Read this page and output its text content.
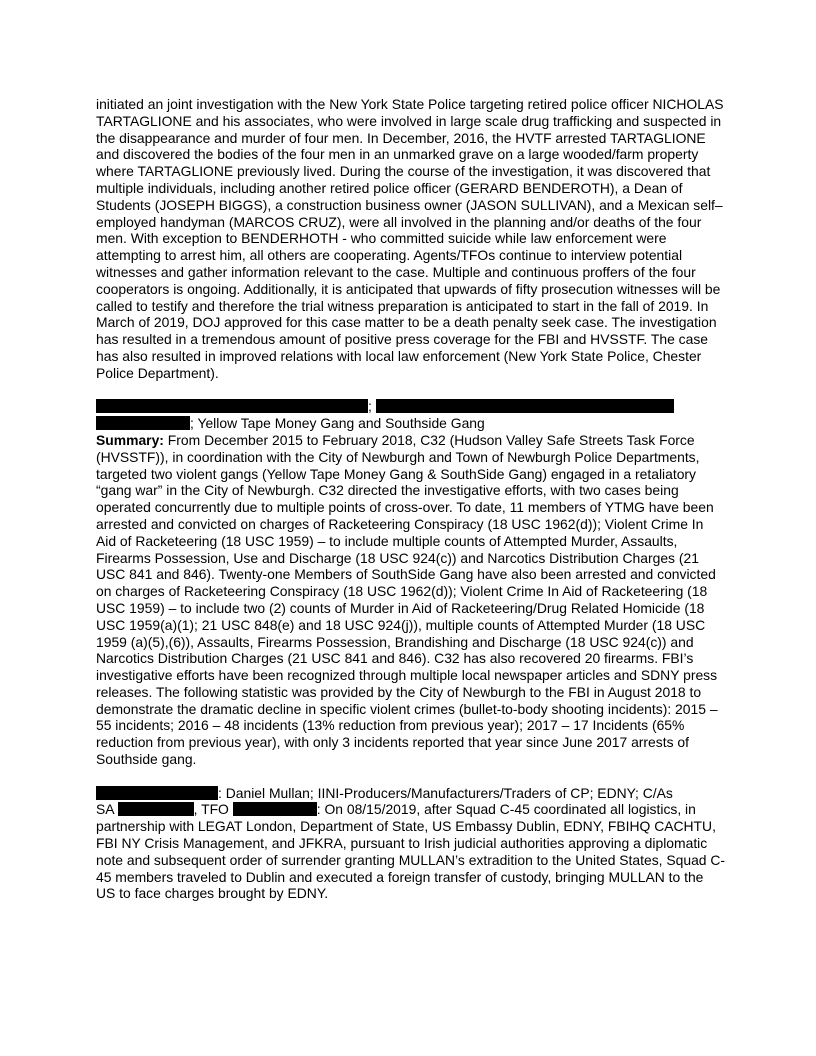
initiated an joint investigation with the New York State Police targeting retired police officer NICHOLAS TARTAGLIONE and his associates, who were involved in large scale drug trafficking and suspected in the disappearance and murder of four men. In December, 2016, the HVTF arrested TARTAGLIONE and discovered the bodies of the four men in an unmarked grave on a large wooded/farm property where TARTAGLIONE previously lived. During the course of the investigation, it was discovered that multiple individuals, including another retired police officer (GERARD BENDEROTH), a Dean of Students (JOSEPH BIGGS), a construction business owner (JASON SULLIVAN), and a Mexican self–employed handyman (MARCOS CRUZ), were all involved in the planning and/or deaths of the four men. With exception to BENDERHOTH - who committed suicide while law enforcement were attempting to arrest him, all others are cooperating. Agents/TFOs continue to interview potential witnesses and gather information relevant to the case. Multiple and continuous proffers of the four cooperators is ongoing. Additionally, it is anticipated that upwards of fifty prosecution witnesses will be called to testify and therefore the trial witness preparation is anticipated to start in the fall of 2019. In March of 2019, DOJ approved for this case matter to be a death penalty seek case. The investigation has resulted in a tremendous amount of positive press coverage for the FBI and HVSSTF. The case has also resulted in improved relations with local law enforcement (New York State Police, Chester Police Department).

;
; Yellow Tape Money Gang and Southside Gang

Summary: From December 2015 to February 2018, C32 (Hudson Valley Safe Streets Task Force (HVSSTF)), in coordination with the City of Newburgh and Town of Newburgh Police Departments, targeted two violent gangs (Yellow Tape Money Gang & SouthSide Gang) engaged in a retaliatory “gang war” in the City of Newburgh. C32 directed the investigative efforts, with two cases being operated concurrently due to multiple points of cross-over. To date, 11 members of YTMG have been arrested and convicted on charges of Racketeering Conspiracy (18 USC 1962(d)); Violent Crime In Aid of Racketeering (18 USC 1959) – to include multiple counts of Attempted Murder, Assaults, Firearms Possession, Use and Discharge (18 USC 924(c)) and Narcotics Distribution Charges (21 USC 841 and 846). Twenty-one Members of SouthSide Gang have also been arrested and convicted on charges of Racketeering Conspiracy (18 USC 1962(d)); Violent Crime In Aid of Racketeering (18 USC 1959) – to include two (2) counts of Murder in Aid of Racketeering/Drug Related Homicide (18 USC 1959(a)(1); 21 USC 848(e) and 18 USC 924(j)), multiple counts of Attempted Murder (18 USC 1959 (a)(5),(6)), Assaults, Firearms Possession, Brandishing and Discharge (18 USC 924(c)) and Narcotics Distribution Charges (21 USC 841 and 846). C32 has also recovered 20 firearms. FBI’s investigative efforts have been recognized through multiple local newspaper articles and SDNY press releases. The following statistic was provided by the City of Newburgh to the FBI in August 2018 to demonstrate the dramatic decline in specific violent crimes (bullet-to-body shooting incidents): 2015 – 55 incidents; 2016 – 48 incidents (13% reduction from previous year); 2017 – 17 Incidents (65% reduction from previous year), with only 3 incidents reported that year since June 2017 arrests of Southside gang.

: Daniel Mullan; IINI-Producers/Manufacturers/Traders of CP; EDNY; C/As

SA	, TFO	: On 08/15/2019, after Squad C-45 coordinated all logistics, in partnership with LEGAT London, Department of State, US Embassy Dublin, EDNY, FBIHQ CACHTU, FBI NY Crisis Management, and JFKRA, pursuant to Irish judicial authorities approving a diplomatic note and subsequent order of surrender granting MULLAN’s extradition to the United States, Squad C-45 members traveled to Dublin and executed a foreign transfer of custody, bringing MULLAN to the US to face charges brought by EDNY.
